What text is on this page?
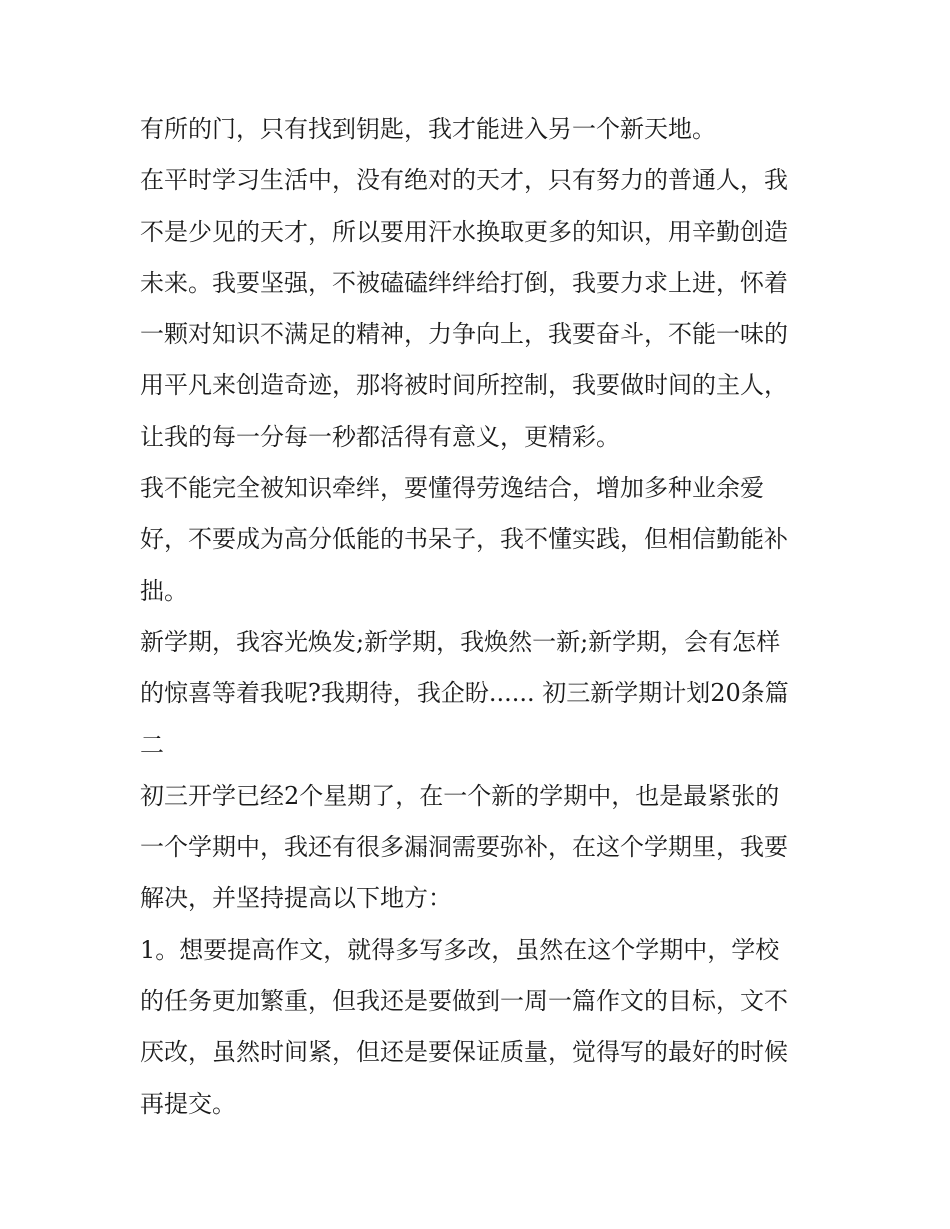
有所的门，只有找到钥匙，我才能进入另一个新天地。
在平时学习生活中，没有绝对的天才，只有努力的普通人，我
不是少见的天才，所以要用汗水换取更多的知识，用辛勤创造
未来。我要坚强，不被磕磕绊绊给打倒，我要力求上进，怀着
一颗对知识不满足的精神，力争向上，我要奋斗，不能一味的
用平凡来创造奇迹，那将被时间所控制，我要做时间的主人，
让我的每一分每一秒都活得有意义，更精彩。
我不能完全被知识牵绊，要懂得劳逸结合，增加多种业余爱
好，不要成为高分低能的书呆子，我不懂实践，但相信勤能补
拙。
新学期，我容光焕发;新学期，我焕然一新;新学期，会有怎样
的惊喜等着我呢?我期待，我企盼...... 初三新学期计划20条篇
二
初三开学已经2个星期了，在一个新的学期中，也是最紧张的
一个学期中，我还有很多漏洞需要弥补，在这个学期里，我要
解决，并坚持提高以下地方：
1。想要提高作文，就得多写多改，虽然在这个学期中，学校
的任务更加繁重，但我还是要做到一周一篇作文的目标，文不
厌改，虽然时间紧，但还是要保证质量，觉得写的最好的时候
再提交。
